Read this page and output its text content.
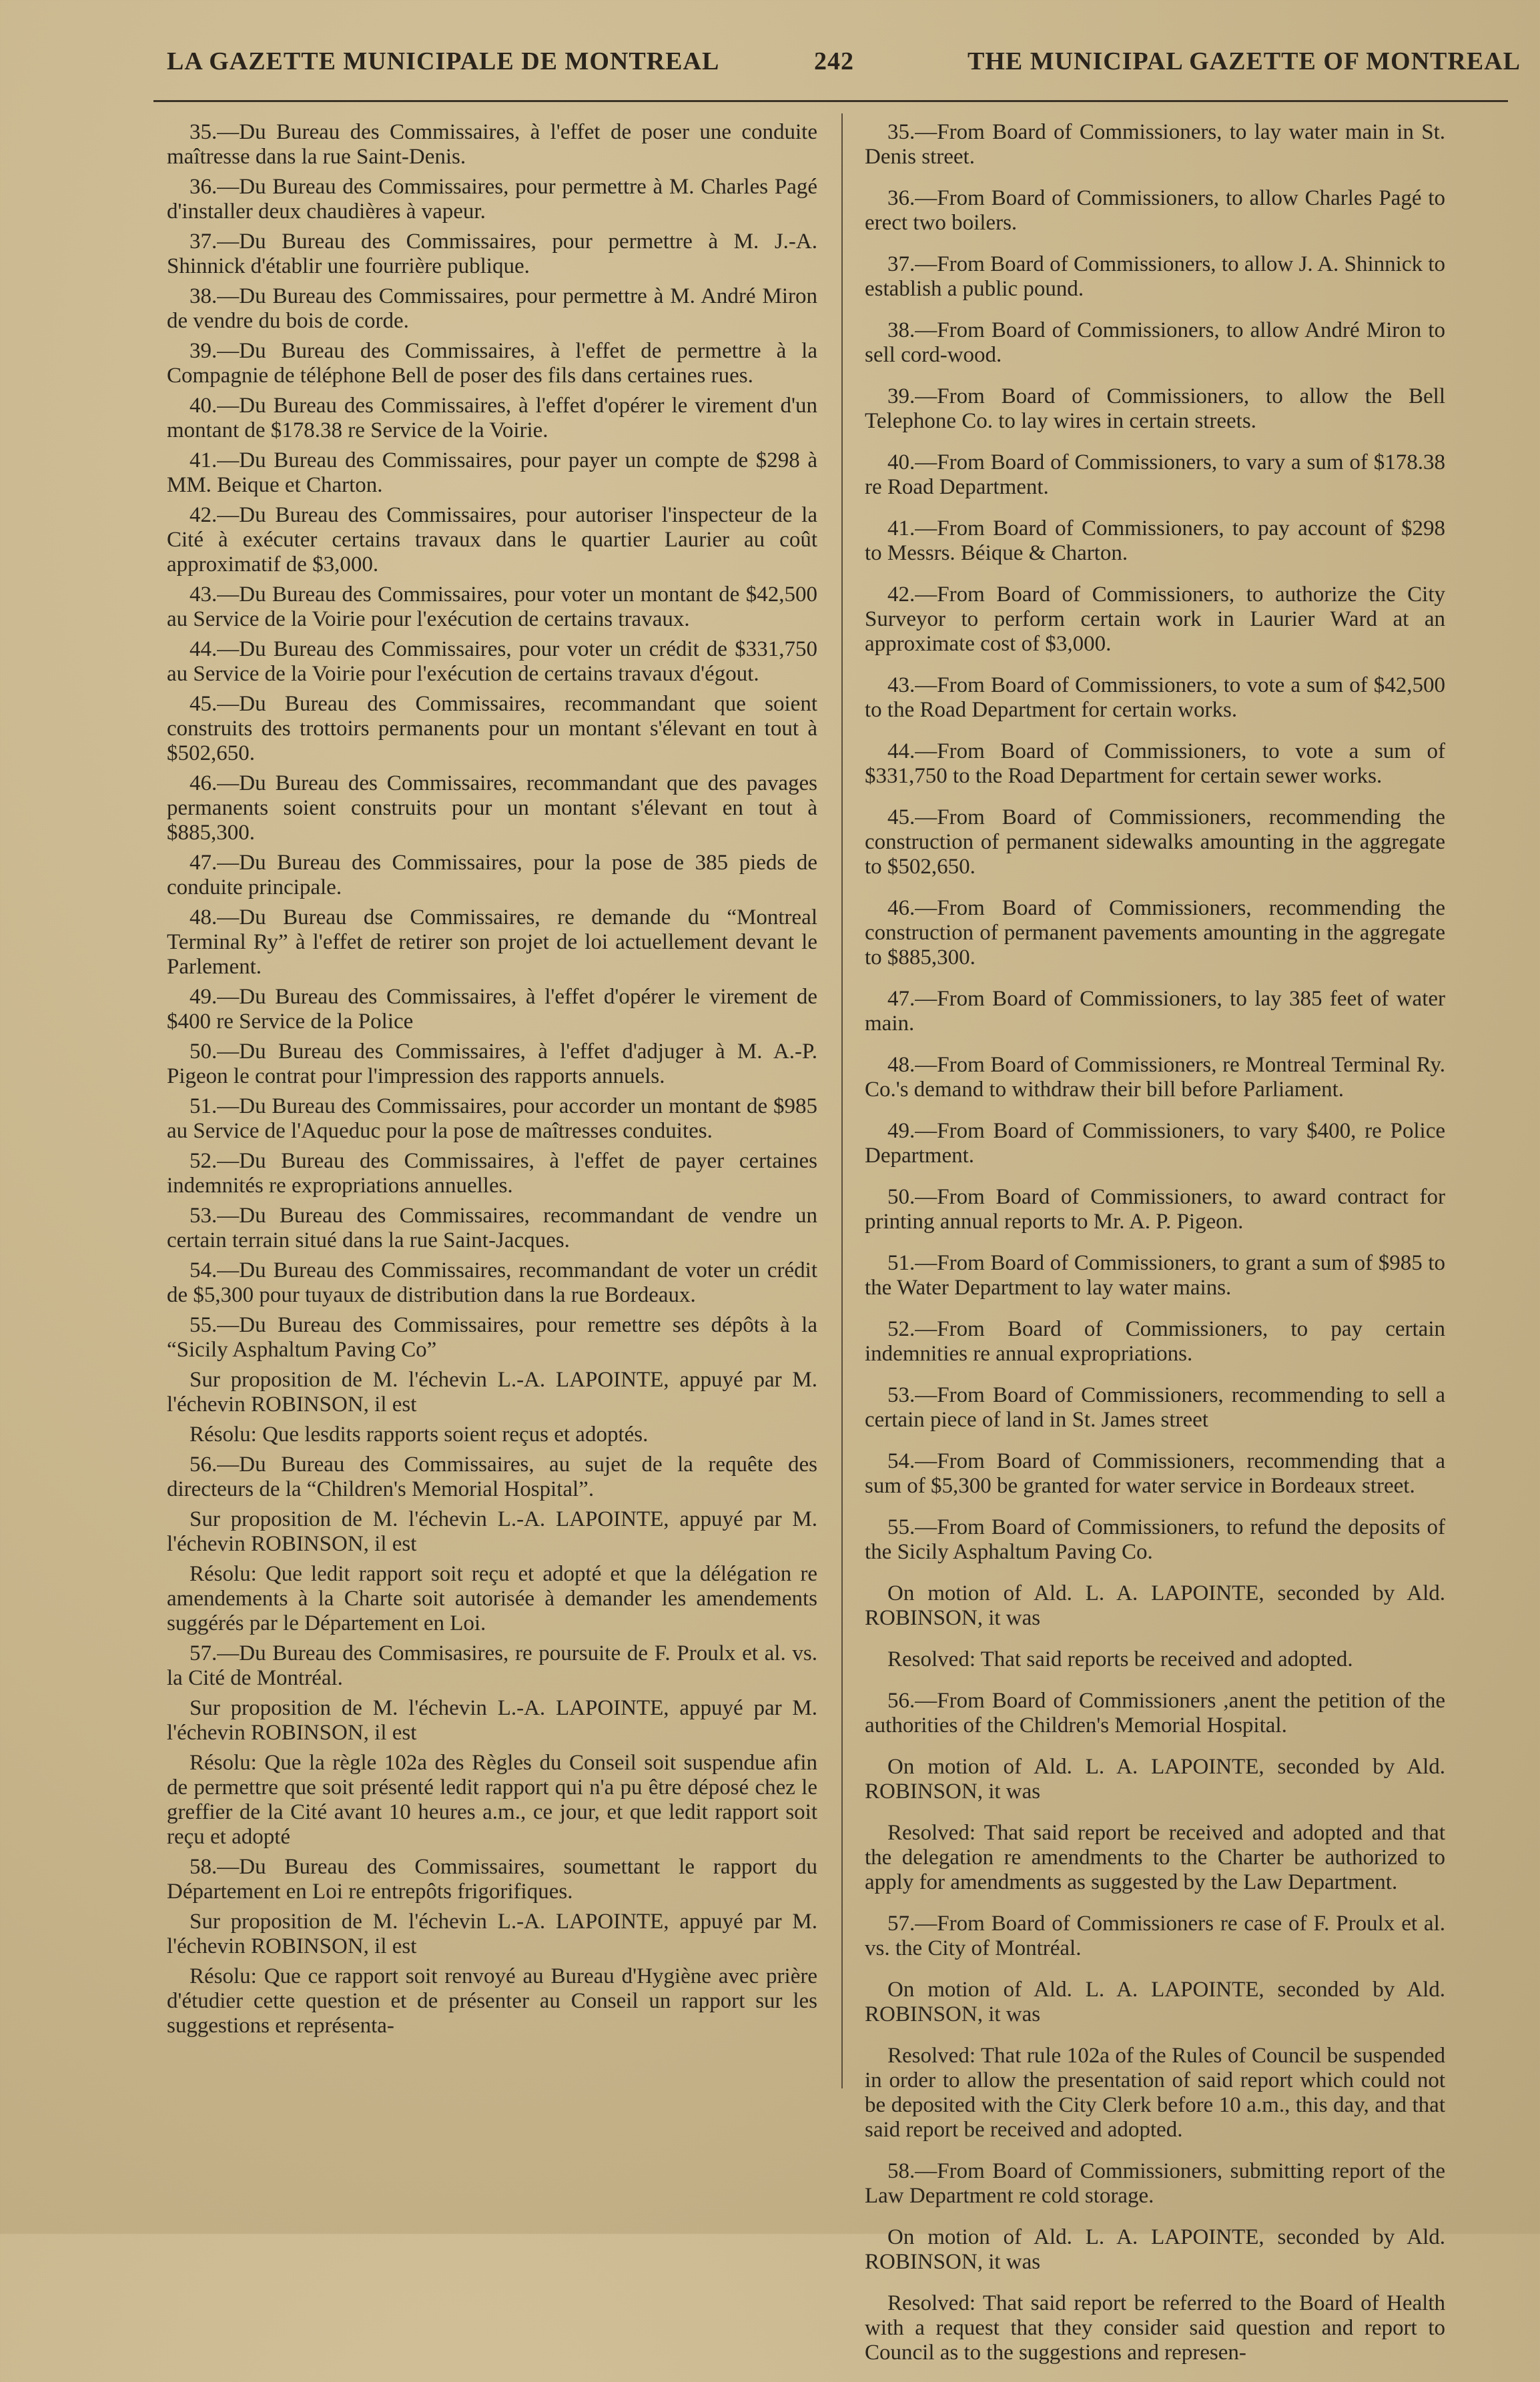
LA GAZETTE MUNICIPALE DE MONTREAL	242	THE MUNICIPAL GAZETTE OF MONTREAL

35.—Du Bureau des Commissaires, à l'effet de poser une conduite maîtresse dans la rue Saint-Denis.

36.—Du Bureau des Commissaires, pour permettre à M. Charles Pagé d'installer deux chaudières à vapeur.

37.—Du Bureau des Commissaires, pour permettre à M. J.-A. Shinnick d'établir une fourrière publique.

38.—Du Bureau des Commissaires, pour permettre à M. André Miron de vendre du bois de corde.

39.—Du Bureau des Commissaires, à l'effet de permettre à la Compagnie de téléphone Bell de poser des fils dans certaines rues.

40.—Du Bureau des Commissaires, à l'effet d'opérer le virement d'un montant de $178.38 re Service de la Voirie.

41.—Du Bureau des Commissaires, pour payer un compte de $298 à MM. Beique et Charton.

42.—Du Bureau des Commissaires, pour autoriser l'inspecteur de la Cité à exécuter certains travaux dans le quartier Laurier au coût approximatif de $3,000.

43.—Du Bureau des Commissaires, pour voter un montant de $42,500 au Service de la Voirie pour l'exécution de certains travaux.

44.—Du Bureau des Commissaires, pour voter un crédit de $331,750 au Service de la Voirie pour l'exécution de certains travaux d'égout.

45.—Du Bureau des Commissaires, recommandant que soient construits des trottoirs permanents pour un montant s'élevant en tout à $502,650.

46.—Du Bureau des Commissaires, recommandant que des pavages permanents soient construits pour un montant s'élevant en tout à $885,300.

47.—Du Bureau des Commissaires, pour la pose de 385 pieds de conduite principale.

48.—Du Bureau dse Commissaires, re demande du “Montreal Terminal Ry” à l'effet de retirer son projet de loi actuellement devant le Parlement.

49.—Du Bureau des Commissaires, à l'effet d'opérer le virement de $400 re Service de la Police

50.—Du Bureau des Commissaires, à l'effet d'adjuger à M. A.-P. Pigeon le contrat pour l'impression des rapports annuels.

51.—Du Bureau des Commissaires, pour accorder un montant de $985 au Service de l'Aqueduc pour la pose de maîtresses conduites.

52.—Du Bureau des Commissaires, à l'effet de payer certaines indemnités re expropriations annuelles.

53.—Du Bureau des Commissaires, recommandant de vendre un certain terrain situé dans la rue Saint-Jacques.

54.—Du Bureau des Commissaires, recommandant de voter un crédit de $5,300 pour tuyaux de distribution dans la rue Bordeaux.

55.—Du Bureau des Commissaires, pour remettre ses dépôts à la “Sicily Asphaltum Paving Co”

Sur proposition de M. l'échevin L.-A. LAPOINTE, appuyé par M. l'échevin ROBINSON, il est

Résolu: Que lesdits rapports soient reçus et adoptés.

56.—Du Bureau des Commissaires, au sujet de la requête des directeurs de la “Children's Memorial Hospital”.

Sur proposition de M. l'échevin L.-A. LAPOINTE, appuyé par M. l'échevin ROBINSON, il est

Résolu: Que ledit rapport soit reçu et adopté et que la délégation re amendements à la Charte soit autorisée à demander les amendements suggérés par le Département en Loi.

57.—Du Bureau des Commisasires, re poursuite de F. Proulx et al. vs. la Cité de Montréal.

Sur proposition de M. l'échevin L.-A. LAPOINTE, appuyé par M. l'échevin ROBINSON, il est

Résolu: Que la règle 102a des Règles du Conseil soit suspendue afin de permettre que soit présenté ledit rapport qui n'a pu être déposé chez le greffier de la Cité avant 10 heures a.m., ce jour, et que ledit rapport soit reçu et adopté

58.—Du Bureau des Commissaires, soumettant le rapport du Département en Loi re entrepôts frigorifiques.

Sur proposition de M. l'échevin L.-A. LAPOINTE, appuyé par M. l'échevin ROBINSON, il est

Résolu: Que ce rapport soit renvoyé au Bureau d'Hygiène avec prière d'étudier cette question et de présenter au Conseil un rapport sur les suggestions et représenta-

35.—From Board of Commissioners, to lay water main in St. Denis street.

36.—From Board of Commissioners, to allow Charles Pagé to erect two boilers.

37.—From Board of Commissioners, to allow J. A. Shinnick to establish a public pound.

38.—From Board of Commissioners, to allow André Miron to sell cord-wood.

39.—From Board of Commissioners, to allow the Bell Telephone Co. to lay wires in certain streets.

40.—From Board of Commissioners, to vary a sum of $178.38 re Road Department.

41.—From Board of Commissioners, to pay account of $298 to Messrs. Béique & Charton.

42.—From Board of Commissioners, to authorize the City Surveyor to perform certain work in Laurier Ward at an approximate cost of $3,000.

43.—From Board of Commissioners, to vote a sum of $42,500 to the Road Department for certain works.

44.—From Board of Commissioners, to vote a sum of $331,750 to the Road Department for certain sewer works.

45.—From Board of Commissioners, recommending the construction of permanent sidewalks amounting in the aggregate to $502,650.

46.—From Board of Commissioners, recommending the construction of permanent pavements amounting in the aggregate to $885,300.

47.—From Board of Commissioners, to lay 385 feet of water main.

48.—From Board of Commissioners, re Montreal Terminal Ry. Co.'s demand to withdraw their bill before Parliament.

49.—From Board of Commissioners, to vary $400, re Police Department.

50.—From Board of Commissioners, to award contract for printing annual reports to Mr. A. P. Pigeon.

51.—From Board of Commissioners, to grant a sum of $985 to the Water Department to lay water mains.

52.—From Board of Commissioners, to pay certain indemnities re annual expropriations.

53.—From Board of Commissioners, recommending to sell a certain piece of land in St. James street

54.—From Board of Commissioners, recommending that a sum of $5,300 be granted for water service in Bordeaux street.

55.—From Board of Commissioners, to refund the deposits of the Sicily Asphaltum Paving Co.

On motion of Ald. L. A. LAPOINTE, seconded by Ald. ROBINSON, it was

Resolved: That said reports be received and adopted.

56.—From Board of Commissioners ,anent the petition of the authorities of the Children's Memorial Hospital.

On motion of Ald. L. A. LAPOINTE, seconded by Ald. ROBINSON, it was

Resolved: That said report be received and adopted and that the delegation re amendments to the Charter be authorized to apply for amendments as suggested by the Law Department.

57.—From Board of Commissioners re case of F. Proulx et al. vs. the City of Montréal.

On motion of Ald. L. A. LAPOINTE, seconded by Ald. ROBINSON, it was

Resolved: That rule 102a of the Rules of Council be suspended in order to allow the presentation of said report which could not be deposited with the City Clerk before 10 a.m., this day, and that said report be received and adopted.

58.—From Board of Commissioners, submitting report of the Law Department re cold storage.

On motion of Ald. L. A. LAPOINTE, seconded by Ald. ROBINSON, it was

Resolved: That said report be referred to the Board of Health with a request that they consider said question and report to Council as to the suggestions and represen-
